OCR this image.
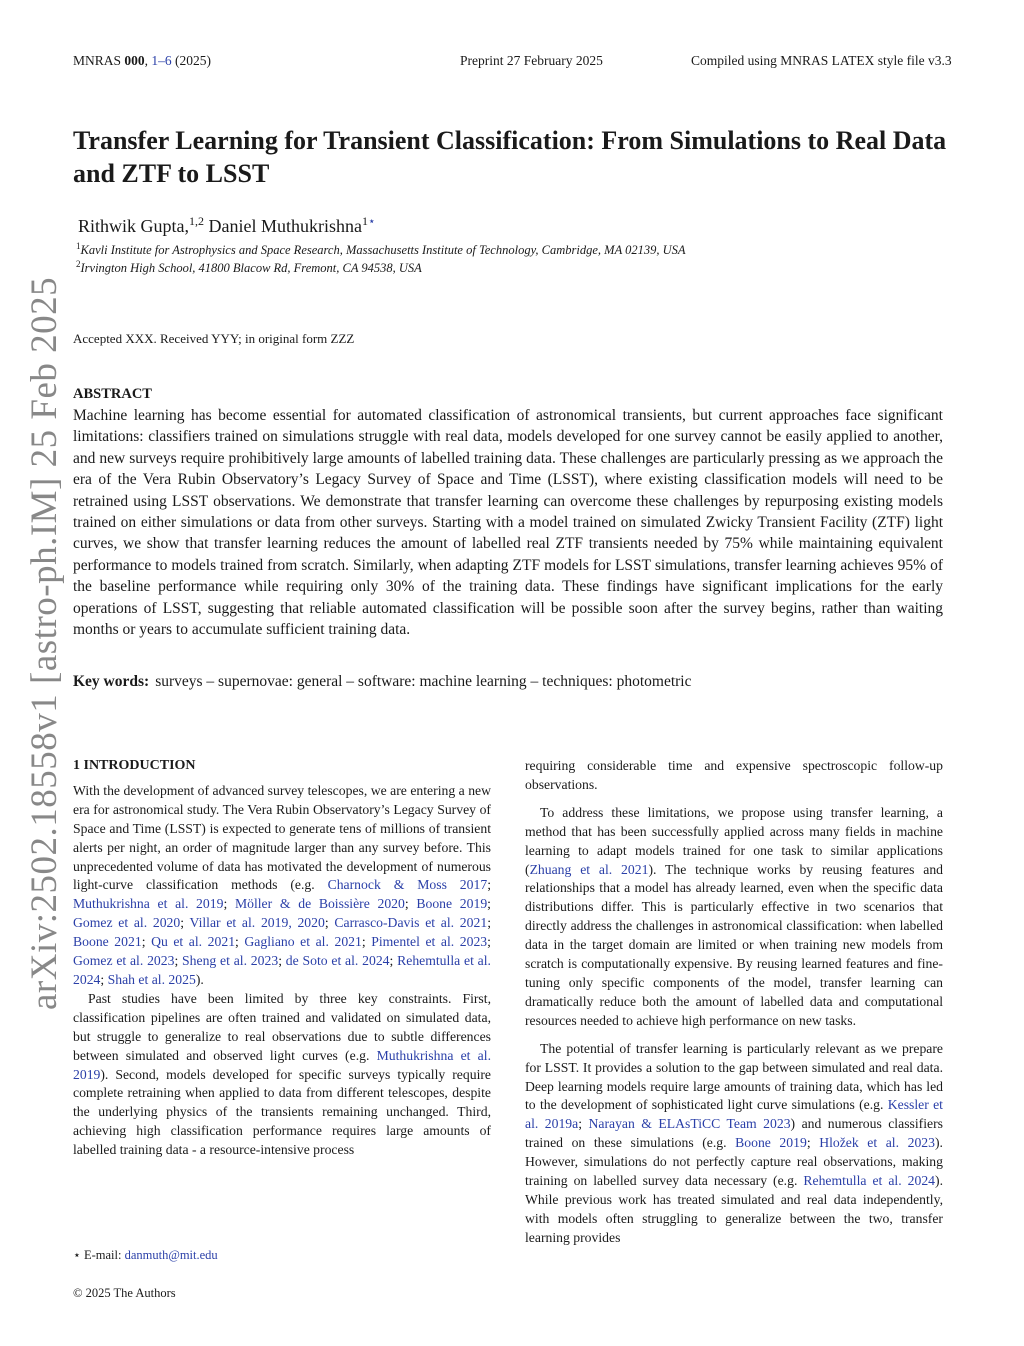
MNRAS 000, 1–6 (2025)	Preprint 27 February 2025	Compiled using MNRAS LATEX style file v3.3
arXiv:2502.18558v1 [astro-ph.IM] 25 Feb 2025
Transfer Learning for Transient Classification: From Simulations to Real Data and ZTF to LSST
Rithwik Gupta,$^{1,2}$ Daniel Muthukrishna$^{1⋆}$
$^1$Kavli Institute for Astrophysics and Space Research, Massachusetts Institute of Technology, Cambridge, MA 02139, USA
$^2$Irvington High School, 41800 Blacow Rd, Fremont, CA 94538, USA
Accepted XXX. Received YYY; in original form ZZZ
ABSTRACT
Machine learning has become essential for automated classification of astronomical transients, but current approaches face significant limitations: classifiers trained on simulations struggle with real data, models developed for one survey cannot be easily applied to another, and new surveys require prohibitively large amounts of labelled training data. These challenges are particularly pressing as we approach the era of the Vera Rubin Observatory’s Legacy Survey of Space and Time (LSST), where existing classification models will need to be retrained using LSST observations. We demonstrate that transfer learning can overcome these challenges by repurposing existing models trained on either simulations or data from other surveys. Starting with a model trained on simulated Zwicky Transient Facility (ZTF) light curves, we show that transfer learning reduces the amount of labelled real ZTF transients needed by 75% while maintaining equivalent performance to models trained from scratch. Similarly, when adapting ZTF models for LSST simulations, transfer learning achieves 95% of the baseline performance while requiring only 30% of the training data. These findings have significant implications for the early operations of LSST, suggesting that reliable automated classification will be possible soon after the survey begins, rather than waiting months or years to accumulate sufficient training data.
Key words: surveys – supernovae: general – software: machine learning – techniques: photometric

1 INTRODUCTION

With the development of advanced survey telescopes, we are entering a new era for astronomical study. The Vera Rubin Observatory’s Legacy Survey of Space and Time (LSST) is expected to generate tens of millions of transient alerts per night, an order of magnitude larger than any survey before. This unprecedented volume of data has motivated the development of numerous light-curve classification methods (e.g. Charnock & Moss 2017; Muthukrishna et al. 2019; Möller & de Boissière 2020; Boone 2019; Gomez et al. 2020; Villar et al. 2019, 2020; Carrasco-Davis et al. 2021; Boone 2021; Qu et al. 2021; Gagliano et al. 2021; Pimentel et al. 2023; Gomez et al. 2023; Sheng et al. 2023; de Soto et al. 2024; Rehemtulla et al. 2024; Shah et al. 2025).

Past studies have been limited by three key constraints. First, classification pipelines are often trained and validated on simulated data, but struggle to generalize to real observations due to subtle differences between simulated and observed light curves (e.g. Muthukrishna et al. 2019). Second, models developed for specific surveys typically require complete retraining when applied to data from different telescopes, despite the underlying physics of the transients remaining unchanged. Third, achieving high classification performance requires large amounts of labelled training data - a resource-intensive process

requiring considerable time and expensive spectroscopic follow-up observations.

To address these limitations, we propose using transfer learning, a method that has been successfully applied across many fields in machine learning to adapt models trained for one task to similar applications (Zhuang et al. 2021). The technique works by reusing features and relationships that a model has already learned, even when the specific data distributions differ. This is particularly effective in two scenarios that directly address the challenges in astronomical classification: when labelled data in the target domain are limited or when training new models from scratch is computationally expensive. By reusing learned features and fine-tuning only specific components of the model, transfer learning can dramatically reduce both the amount of labelled data and computational resources needed to achieve high performance on new tasks.

The potential of transfer learning is particularly relevant as we prepare for LSST. It provides a solution to the gap between simulated and real data. Deep learning models require large amounts of training data, which has led to the development of sophisticated light curve simulations (e.g. Kessler et al. 2019a; Narayan & ELAsTiCC Team 2023) and numerous classifiers trained on these simulations (e.g. Boone 2019; Hložek et al. 2023). However, simulations do not perfectly capture real observations, making training on labelled survey data necessary (e.g. Rehemtulla et al. 2024). While previous work has treated simulated and real data independently, with models often struggling to generalize between the two, transfer learning provides

⋆ E-mail: danmuth@mit.edu
© 2025 The Authors
